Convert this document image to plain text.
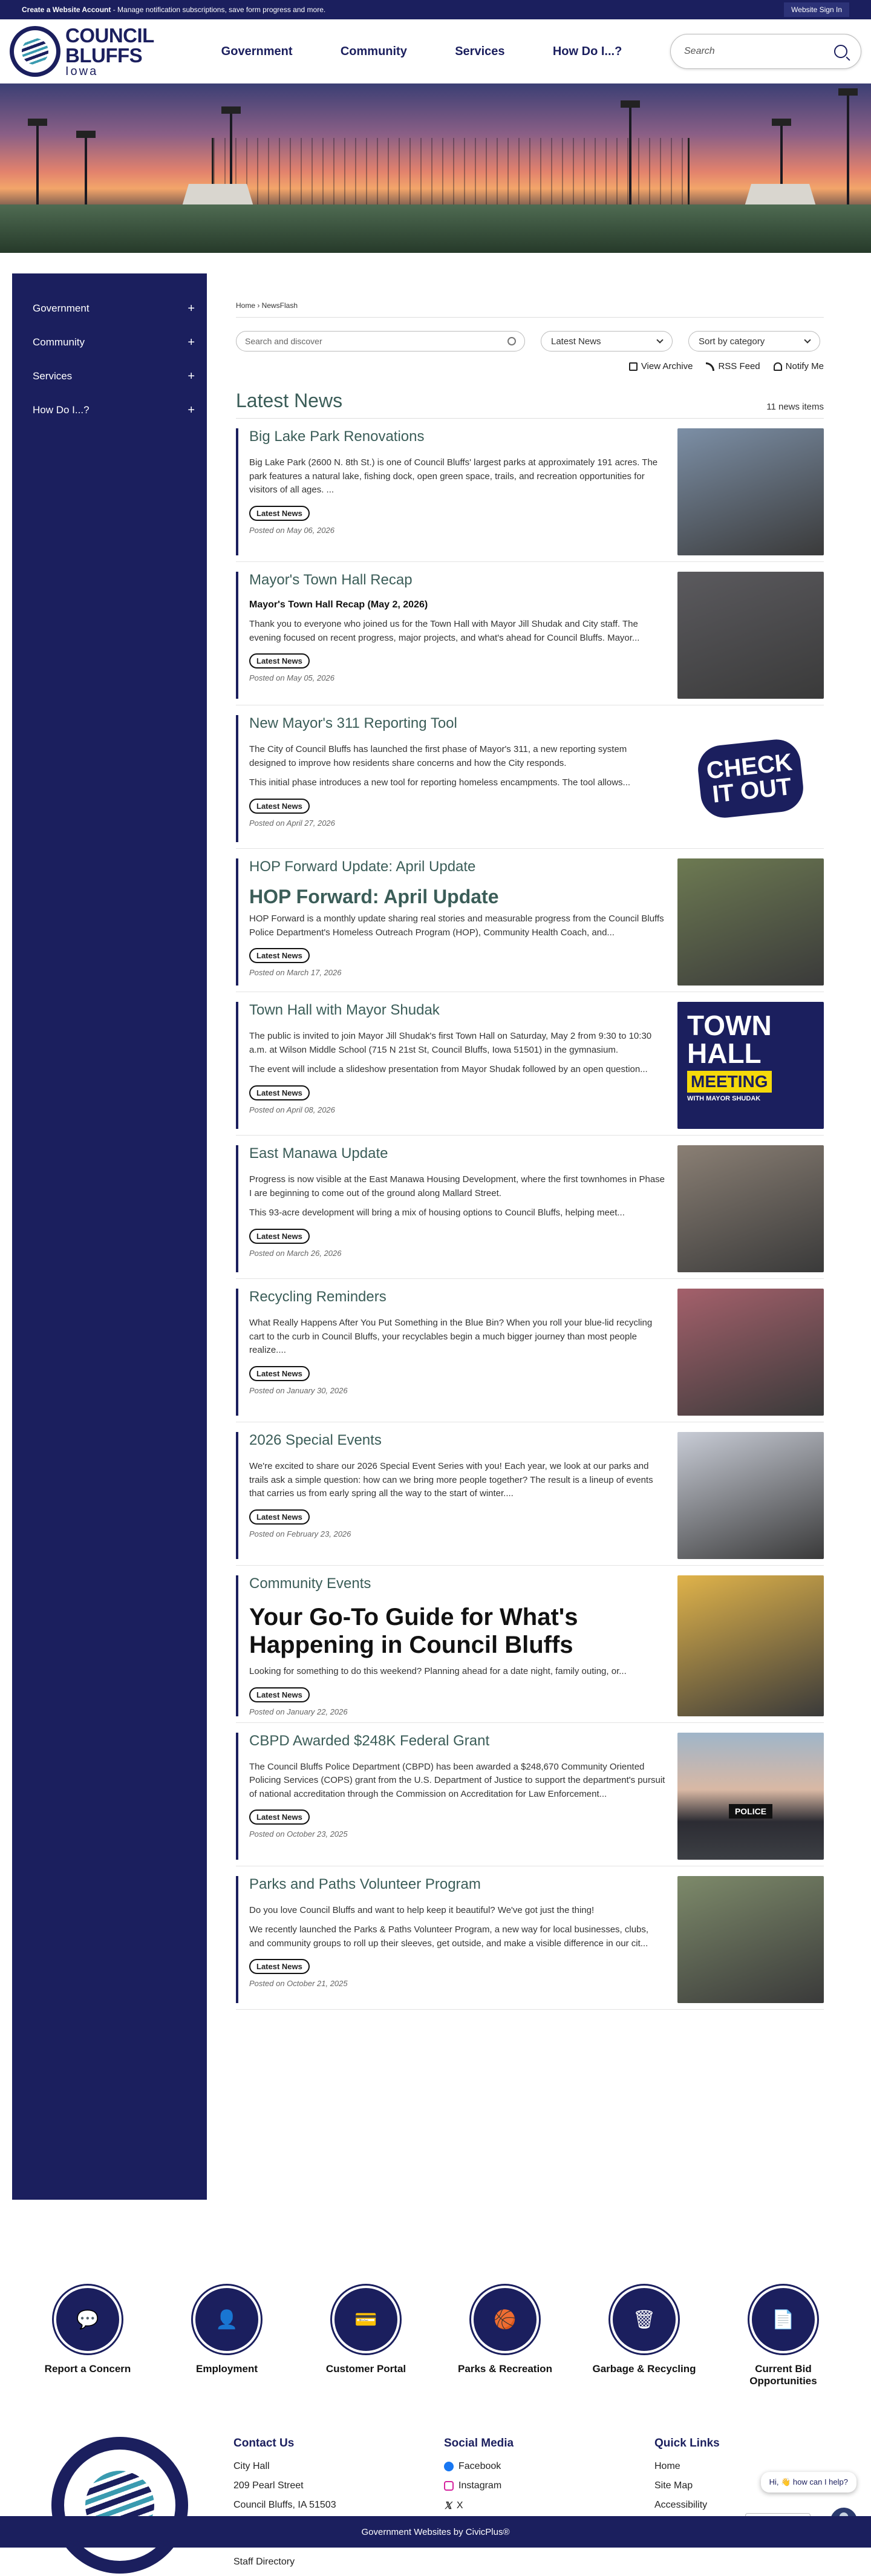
Create a Website Account - Manage notification subscriptions, save form progress and more.	Website Sign In
COUNCIL
BLUFFS
Iowa
Government	Community	Services	How Do I...?	Search
Government	+
Community	+
Services	+
How Do I...?	+
Home › NewsFlash
Search and discover	Latest News	Sort by category
View Archive	RSS Feed	Notify Me
Latest News	11 news items
Big Lake Park Renovations

Big Lake Park (2600 N. 8th St.) is one of Council Bluffs' largest parks at approximately 191 acres. The park features a natural lake, fishing dock, open green space, trails, and recreation opportunities for visitors of all ages. ...

Latest News
Posted on May 06, 2026
Mayor's Town Hall Recap
Mayor's Town Hall Recap (May 2, 2026)

Thank you to everyone who joined us for the Town Hall with Mayor Jill Shudak and City staff. The evening focused on recent progress, major projects, and what's ahead for Council Bluffs. Mayor...

Latest News
Posted on May 05, 2026
New Mayor's 311 Reporting Tool

The City of Council Bluffs has launched the first phase of Mayor's 311, a new reporting system designed to improve how residents share concerns and how the City responds.

This initial phase introduces a new tool for reporting homeless encampments. The tool allows...

Latest News
Posted on April 27, 2026
CHECK IT OUT
HOP Forward Update: April Update
HOP Forward: April Update

HOP Forward is a monthly update sharing real stories and measurable progress from the Council Bluffs Police Department's Homeless Outreach Program (HOP), Community Health Coach, and...

Latest News
Posted on March 17, 2026
Town Hall with Mayor Shudak

The public is invited to join Mayor Jill Shudak's first Town Hall on Saturday, May 2 from 9:30 to 10:30 a.m. at Wilson Middle School (715 N 21st St, Council Bluffs, Iowa 51501) in the gymnasium.

The event will include a slideshow presentation from Mayor Shudak followed by an open question...

Latest News
Posted on April 08, 2026
TOWN
HALL
MEETING
WITH MAYOR SHUDAK
East Manawa Update

Progress is now visible at the East Manawa Housing Development, where the first townhomes in Phase I are beginning to come out of the ground along Mallard Street.

This 93-acre development will bring a mix of housing options to Council Bluffs, helping meet...

Latest News
Posted on March 26, 2026
Recycling Reminders

What Really Happens After You Put Something in the Blue Bin? When you roll your blue-lid recycling cart to the curb in Council Bluffs, your recyclables begin a much bigger journey than most people realize....

Latest News
Posted on January 30, 2026
2026 Special Events

We're excited to share our 2026 Special Event Series with you! Each year, we look at our parks and trails ask a simple question: how can we bring more people together? The result is a lineup of events that carries us from early spring all the way to the start of winter....

Latest News
Posted on February 23, 2026
Community Events
Your Go-To Guide for What's Happening in Council Bluffs

Looking for something to do this weekend? Planning ahead for a date night, family outing, or...

Latest News
Posted on January 22, 2026
CBPD Awarded $248K Federal Grant

The Council Bluffs Police Department (CBPD) has been awarded a $248,670 Community Oriented Policing Services (COPS) grant from the U.S. Department of Justice to support the department's pursuit of national accreditation through the Commission on Accreditation for Law Enforcement...

Latest News
Posted on October 23, 2025
POLICE
Parks and Paths Volunteer Program

Do you love Council Bluffs and want to help keep it beautiful? We've got just the thing!

We recently launched the Parks & Paths Volunteer Program, a new way for local businesses, clubs, and community groups to roll up their sleeves, get outside, and make a visible difference in our cit...

Latest News
Posted on October 21, 2025
💬
Report a Concern
👤
Employment
💳
Customer Portal
🏀
Parks & Recreation
🗑
Garbage & Recycling
📄
Current Bid Opportunities
Contact Us
City Hall
209 Pearl Street
Council Bluffs, IA 51503
Staff Directory
Social Media
Facebook
Instagram
𝕏 X
Quick Links
Home
Site Map
Accessibility
Hi, 👋 how can I help?
Government Websites by CivicPlus®
